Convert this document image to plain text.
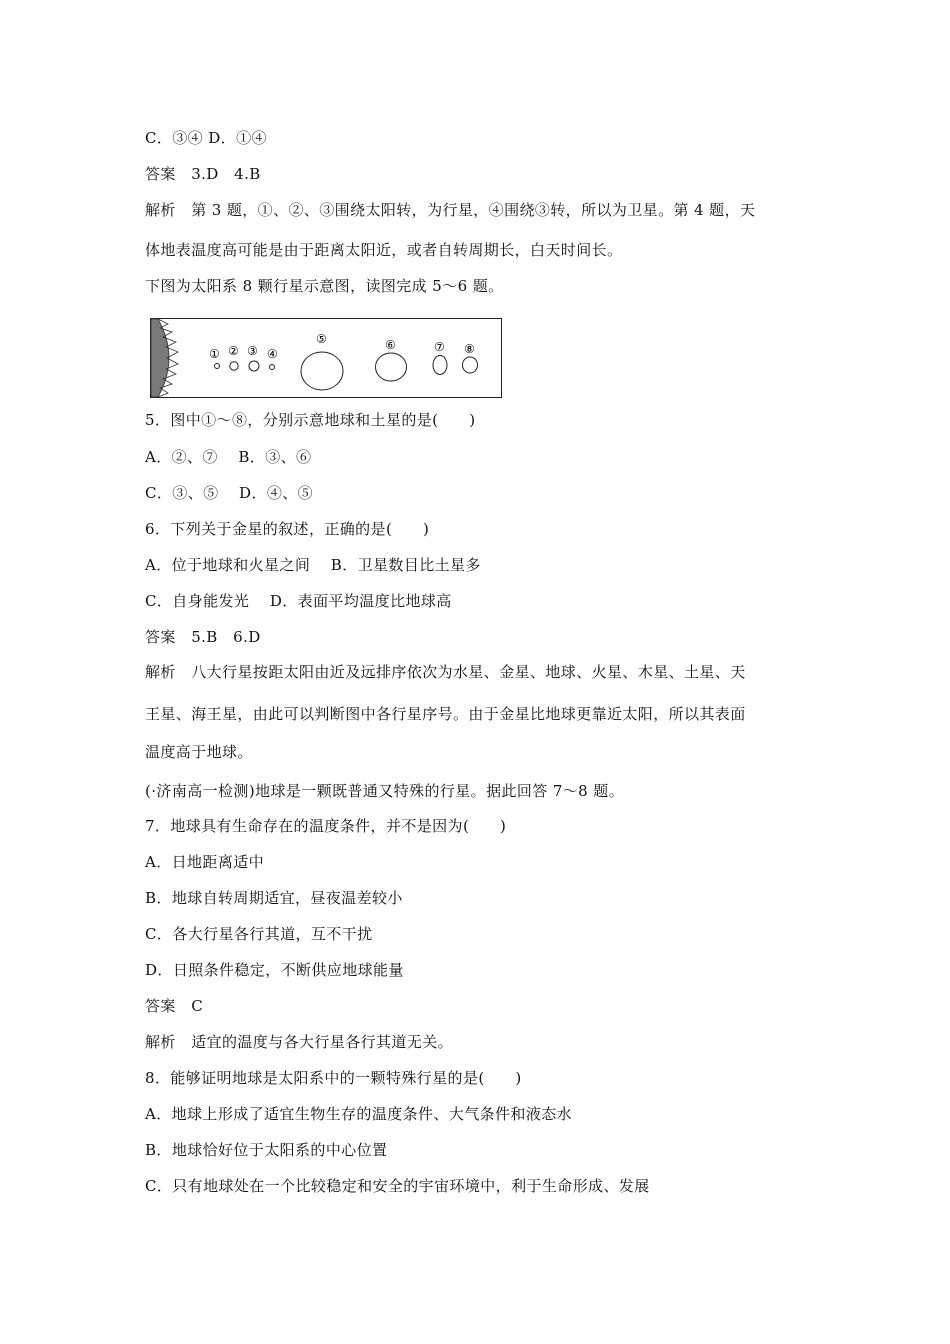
C．③④ D．①④
答案　3.D　4.B
解析　第 3 题，①、②、③围绕太阳转，为行星，④围绕③转，所以为卫星。第 4 题，天
体地表温度高可能是由于距离太阳近，或者自转周期长，白天时间长。
下图为太阳系 8 颗行星示意图，读图完成 5～6 题。
① ② ③ ④
⑤	⑥	⑦ ⑧
5．图中①～⑧，分别示意地球和土星的是(　　)
A．②、⑦　 B．③、⑥
C．③、⑤　 D．④、⑤
6．下列关于金星的叙述，正确的是(　　)
A．位于地球和火星之间　 B．卫星数目比土星多
C．自身能发光　 D．表面平均温度比地球高
答案　5.B　6.D
解析　八大行星按距太阳由近及远排序依次为水星、金星、地球、火星、木星、土星、天
王星、海王星，由此可以判断图中各行星序号。由于金星比地球更靠近太阳，所以其表面
温度高于地球。
(·济南高一检测)地球是一颗既普通又特殊的行星。据此回答 7～8 题。
7．地球具有生命存在的温度条件，并不是因为(　　)
A．日地距离适中
B．地球自转周期适宜，昼夜温差较小
C．各大行星各行其道，互不干扰
D．日照条件稳定，不断供应地球能量
答案　C
解析　适宜的温度与各大行星各行其道无关。
8．能够证明地球是太阳系中的一颗特殊行星的是(　　)
A．地球上形成了适宜生物生存的温度条件、大气条件和液态水
B．地球恰好位于太阳系的中心位置
C．只有地球处在一个比较稳定和安全的宇宙环境中，利于生命形成、发展
